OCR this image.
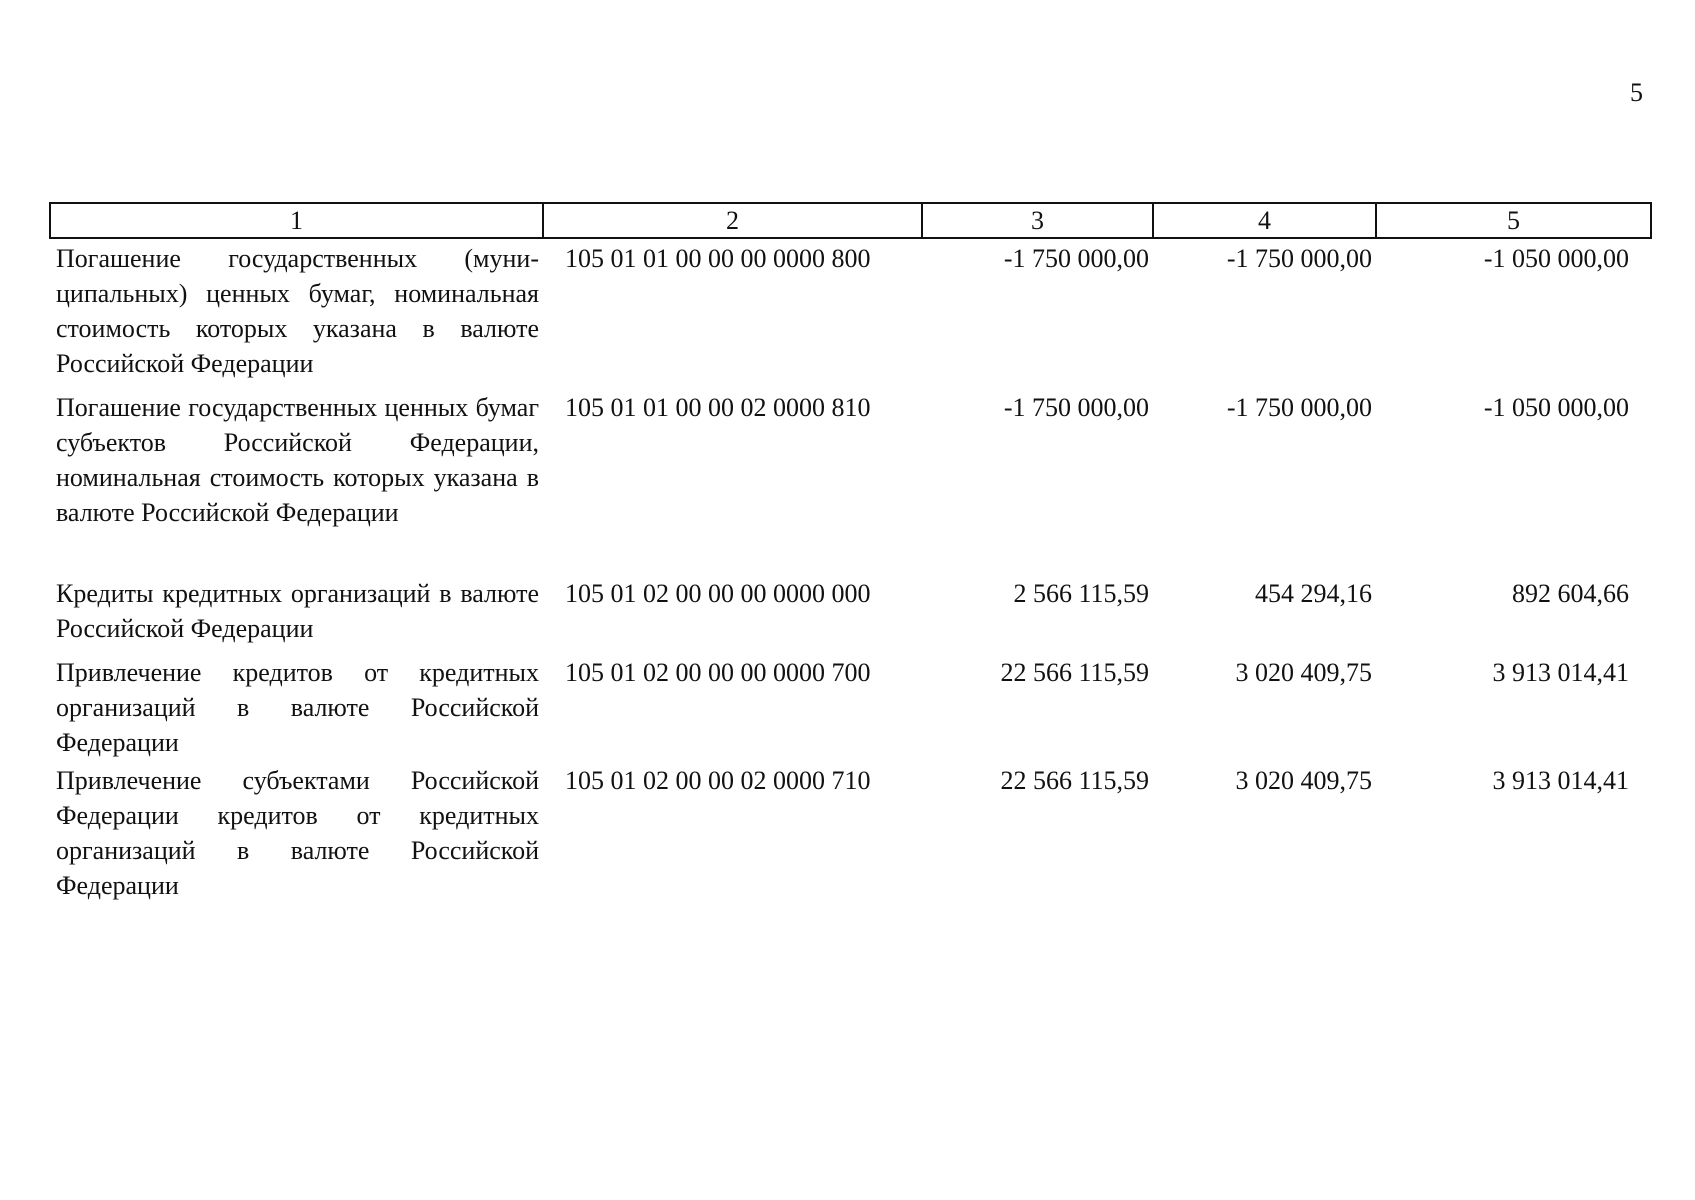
5
1	2	3	4	5
Погашение государственных (муни-ципальных) ценных бумаг, номинальная стоимость которых указана в валюте Российской Федерации	105 01 01 00 00 00 0000 800	-1 750 000,00	-1 750 000,00	-1 050 000,00
Погашение государственных ценных бумаг субъектов Российской Федерации, номинальная стоимость которых указана в валюте Российской Федерации	105 01 01 00 00 02 0000 810	-1 750 000,00	-1 750 000,00	-1 050 000,00
Кредиты кредитных организаций в валюте Российской Федерации	105 01 02 00 00 00 0000 000	2 566 115,59	454 294,16	892 604,66
Привлечение кредитов от кредитных организаций в валюте Российской Федерации	105 01 02 00 00 00 0000 700	22 566 115,59	3 020 409,75	3 913 014,41
Привлечение субъектами Российской Федерации кредитов от кредитных организаций в валюте Российской Федерации	105 01 02 00 00 02 0000 710	22 566 115,59	3 020 409,75	3 913 014,41
